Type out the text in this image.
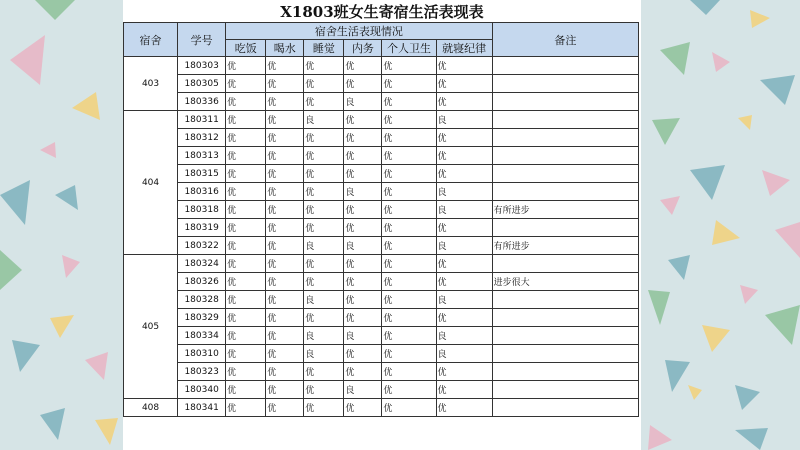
X1803班女生寄宿生活表现表
宿舍	学号	宿舍生活表现情况						备注
		吃饭	喝水	睡觉	内务	个人卫生	就寝纪律	
403	180303	优	优	优	优	优	优	
	180305	优	优	优	优	优	优	
	180336	优	优	优	良	优	优	
404	180311	优	优	良	优	优	良	
	180312	优	优	优	优	优	优	
	180313	优	优	优	优	优	优	
	180315	优	优	优	优	优	优	
	180316	优	优	优	良	优	良	
	180318	优	优	优	优	优	良	有所进步
	180319	优	优	优	优	优	优	
	180322	优	优	良	良	优	良	有所进步
405	180324	优	优	优	优	优	优	
	180326	优	优	优	优	优	优	进步很大
	180328	优	优	良	优	优	良	
	180329	优	优	优	优	优	优	
	180334	优	优	良	良	优	良	
	180310	优	优	良	优	优	良	
	180323	优	优	优	优	优	优	
	180340	优	优	优	良	优	优	
408	180341	优	优	优	优	优	优	
